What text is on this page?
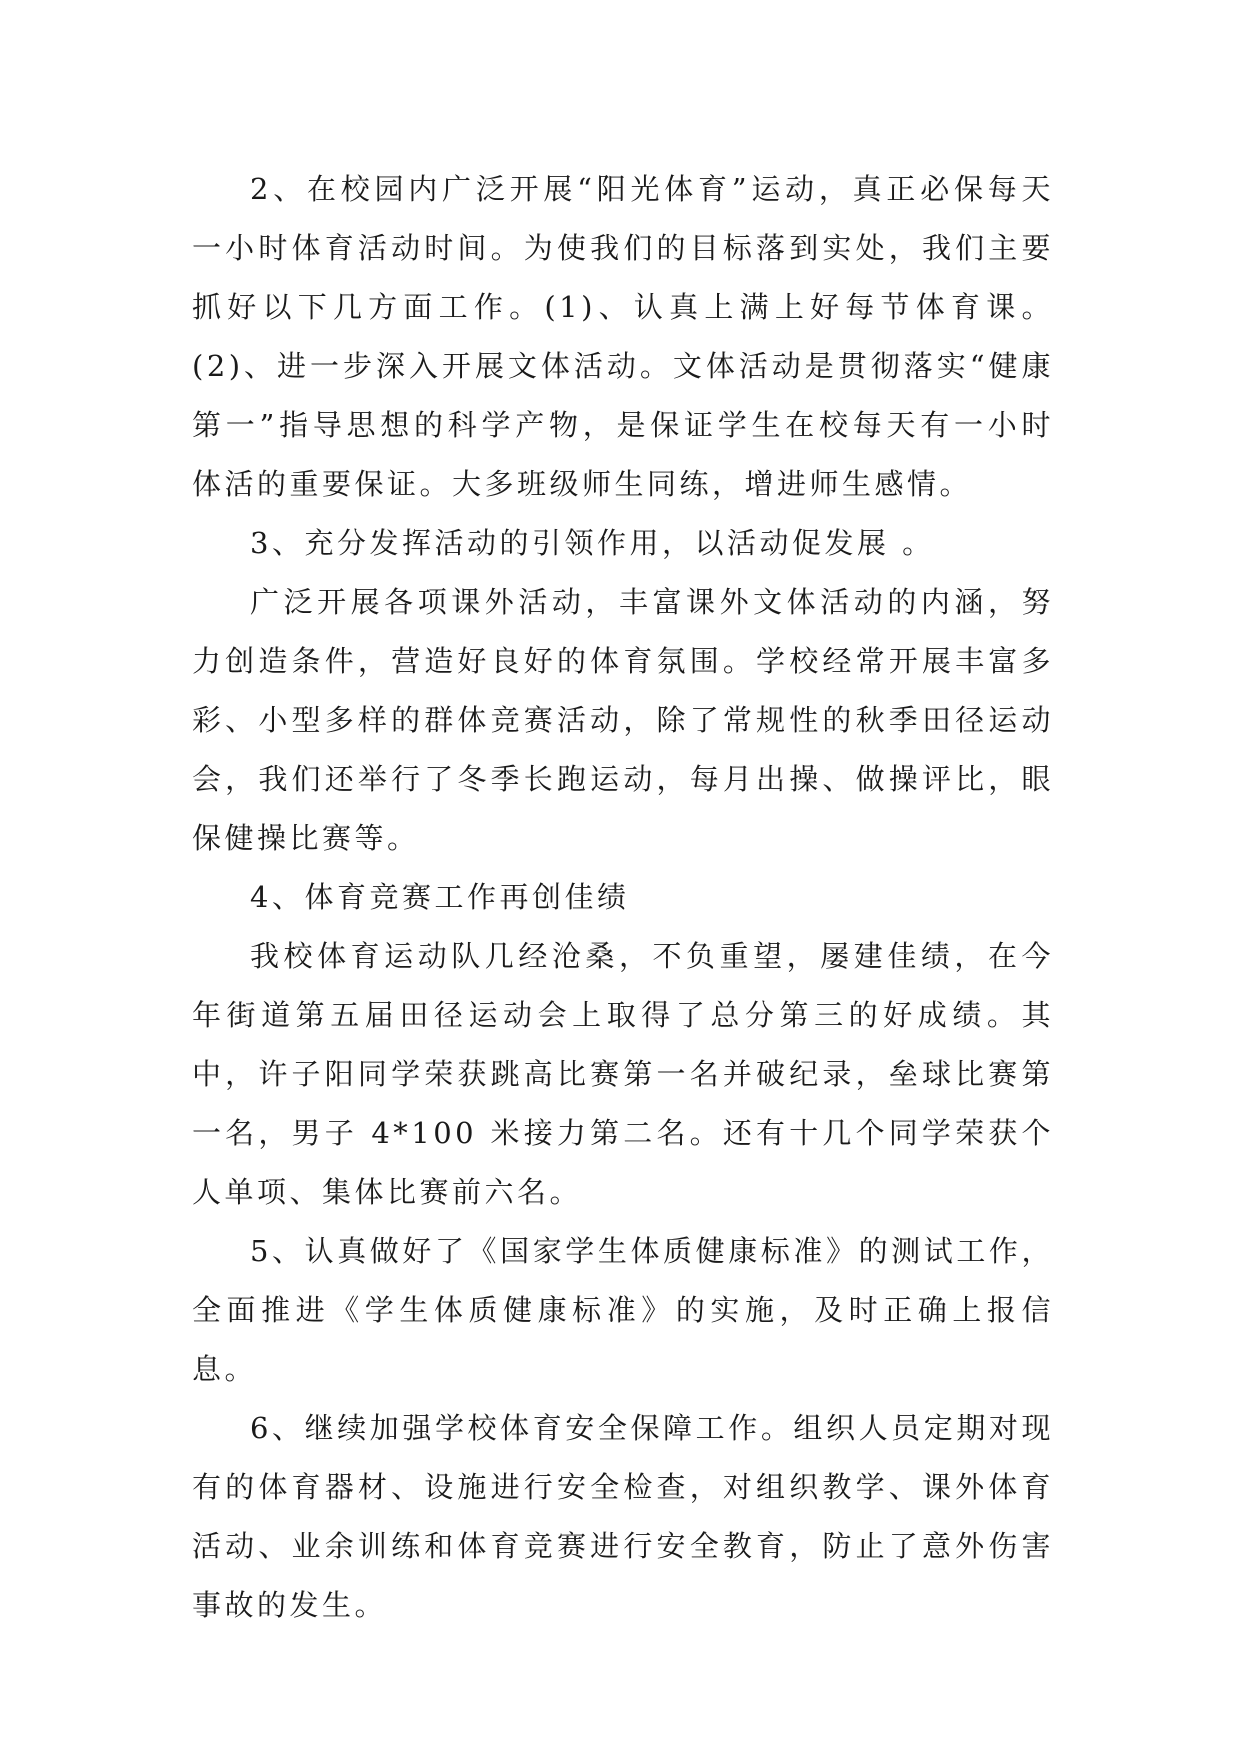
2、在校园内广泛开展“阳光体育”运动，真正必保每天一小时体育活动时间。为使我们的目标落到实处，我们主要抓好以下几方面工作。(1)、认真上满上好每节体育课。(2)、进一步深入开展文体活动。文体活动是贯彻落实“健康第一”指导思想的科学产物，是保证学生在校每天有一小时体活的重要保证。大多班级师生同练，增进师生感情。

3、充分发挥活动的引领作用，以活动促发展 。

广泛开展各项课外活动，丰富课外文体活动的内涵，努力创造条件，营造好良好的体育氛围。学校经常开展丰富多彩、小型多样的群体竞赛活动，除了常规性的秋季田径运动会，我们还举行了冬季长跑运动，每月出操、做操评比，眼保健操比赛等。

4、体育竞赛工作再创佳绩

我校体育运动队几经沧桑，不负重望，屡建佳绩，在今年街道第五届田径运动会上取得了总分第三的好成绩。其中，许子阳同学荣获跳高比赛第一名并破纪录，垒球比赛第一名，男子 4*100 米接力第二名。还有十几个同学荣获个人单项、集体比赛前六名。

5、认真做好了《国家学生体质健康标准》的测试工作，全面推进《学生体质健康标准》的实施，及时正确上报信息。

6、继续加强学校体育安全保障工作。组织人员定期对现有的体育器材、设施进行安全检查，对组织教学、课外体育活动、业余训练和体育竞赛进行安全教育，防止了意外伤害事故的发生。
